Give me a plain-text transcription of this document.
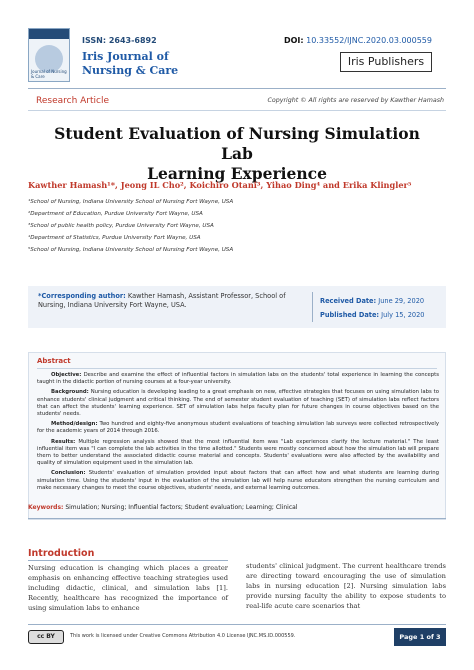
Journal of Nursing & Care
ISSN: 2643-6892
Iris Journal of
Nursing & Care
DOI: 10.33552/IJNC.2020.03.000559
Iris Publishers
Research Article	Copyright © All rights are reserved by Kawther Hamash
Student Evaluation of Nursing Simulation Lab
Learning Experience
Kawther Hamash¹*, Jeong IL Cho², Koichiro Otani³, Yihao Ding⁴ and Erika Klingler⁵
¹School of Nursing, Indiana University School of Nursing Fort Wayne, USA
²Department of Education, Purdue University Fort Wayne, USA
³School of public health policy, Purdue University Fort Wayne, USA
⁴Department of Statistics, Purdue University Fort Wayne, USA
⁵School of Nursing, Indiana University School of Nursing Fort Wayne, USA
*Corresponding author: Kawther Hamash, Assistant Professor, School of Nursing, Indiana University Fort Wayne, USA.	Received Date: June 29, 2020
Published Date: July 15, 2020
Abstract

Objective: Describe and examine the effect of influential factors in simulation labs on the students' total experience in learning the concepts taught in the didactic portion of nursing courses at a four-year university.

Background: Nursing education is developing leading to a great emphasis on new, effective strategies that focuses on using simulation labs to enhance students' clinical judgment and critical thinking. The end of semester student evaluation of teaching (SET) of simulation labs reflect factors that can affect the students' learning experience. SET of simulation labs helps faculty plan for future changes in course objectives based on the students' needs.

Method/design: Two hundred and eighty-five anonymous student evaluations of teaching simulation lab surveys were collected retrospectively for the academic years of 2014 through 2016.

Results: Multiple regression analysis showed that the most influential item was "Lab experiences clarify the lecture material." The least influential item was "I can complete the lab activities in the time allotted." Students were mostly concerned about how the simulation lab will prepare them to better understand the associated didactic course material and concepts. Students' evaluations were also affected by the availability and quality of simulation equipment used in the simulation lab.

Conclusion: Students' evaluation of simulation provided input about factors that can affect how and what students are learning during simulation time. Using the students' input in the evaluation of the simulation lab will help nurse educators strengthen the nursing curriculum and make necessary changes to meet the course objectives, students' needs, and external learning outcomes.

Keywords: Simulation; Nursing; Influential factors; Student evaluation; Learning; Clinical
Introduction
Nursing education is changing which places a greater emphasis on enhancing effective teaching strategies used including didactic, clinical, and simulation labs [1]. Recently, healthcare has recognized the importance of using simulation labs to enhance
students' clinical judgment. The current healthcare trends are directing toward encouraging the use of simulation labs in nursing education [2]. Nursing simulation labs provide nursing faculty the ability to expose students to real-life acute care scenarios that
cc BY	This work is licensed under Creative Commons Attribution 4.0 License IJNC.MS.ID.000559.	Page 1 of 3
